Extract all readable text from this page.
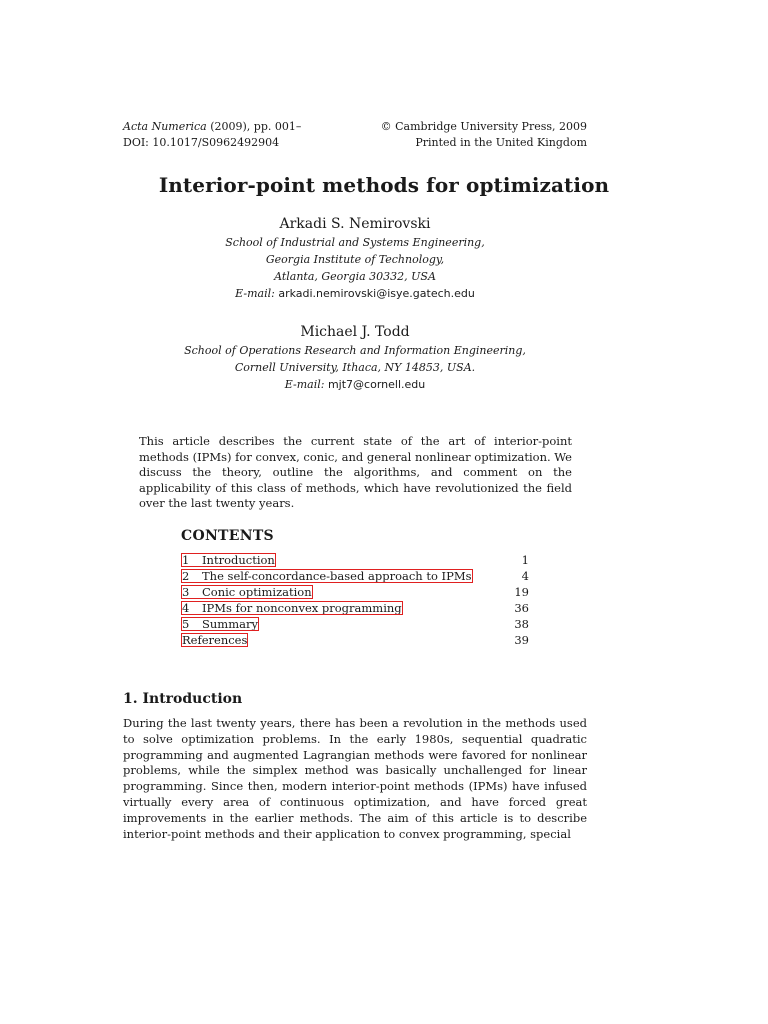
Acta Numerica (2009), pp. 001–	© Cambridge University Press, 2009
DOI: 10.1017/S0962492904	Printed in the United Kingdom
Interior-point methods for optimization
Arkadi S. Nemirovski
School of Industrial and Systems Engineering,
Georgia Institute of Technology,
Atlanta, Georgia 30332, USA
E-mail: arkadi.nemirovski@isye.gatech.edu
Michael J. Todd
School of Operations Research and Information Engineering,
Cornell University, Ithaca, NY 14853, USA.
E-mail: mjt7@cornell.edu
This article describes the current state of the art of interior-point methods (IPMs) for convex, conic, and general nonlinear optimization. We discuss the theory, outline the algorithms, and comment on the applicability of this class of methods, which have revolutionized the field over the last twenty years.
CONTENTS
1	Introduction	1
2	The self-concordance-based approach to IPMs	4
3	Conic optimization	19
4	IPMs for nonconvex programming	36
5	Summary	38
References	39
1. Introduction
During the last twenty years, there has been a revolution in the methods used to solve optimization problems. In the early 1980s, sequential quadratic programming and augmented Lagrangian methods were favored for nonlinear problems, while the simplex method was basically unchallenged for linear programming. Since then, modern interior-point methods (IPMs) have infused virtually every area of continuous optimization, and have forced great improvements in the earlier methods. The aim of this article is to describe interior-point methods and their application to convex programming, special
